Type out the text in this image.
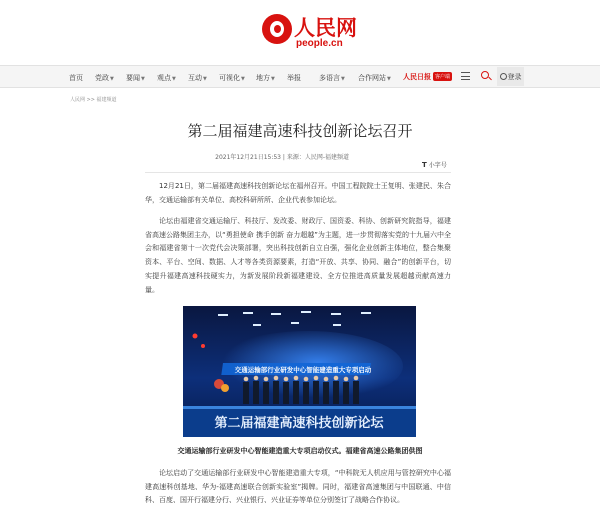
人民网
people.cn
首页 党政▼ 要闻▼ 观点▼ 互动▼ 可视化▼ 地方▼ 举报	多语言▼ 合作网站▼ 人民日报 客户端	登录
人民网 >> 福建频道
第二届福建高速科技创新论坛召开
2021年12月21日15:53 | 来源：人民网-福建频道
T 小字号

12月21日，第二届福建高速科技创新论坛在福州召开。中国工程院院士王复明、张建民、朱合华，交通运输部有关单位、高校科研所所、企业代表参加论坛。

论坛由福建省交通运输厅、科技厅、发改委、财政厅、国资委、科协、创新研究院指导，福建省高速公路集团主办，以“勇担使命 携手创新 奋力超越”为主题，进一步贯彻落实党的十九届六中全会和福建省第十一次党代会决策部署，突出科技创新自立自强，强化企业创新主体地位，整合集聚资本、平台、空间、数据、人才等各类资源要素，打造“开放、共享、协同、融合”的创新平台，切实提升福建高速科技硬实力，为新发展阶段新福建建设、全方位推进高质量发展超越贡献高速力量。

交通运输部行业研发中心智能建造重大专项启动
第二届福建高速科技创新论坛
交通运输部行业研发中心智能建造重大专项启动仪式。福建省高速公路集团供图

论坛启动了交通运输部行业研发中心智能建造重大专项，“中科院无人机应用与管控研究中心福建高速科创基地、华为-福建高速联合创新实验室”揭牌。同时，福建省高速集团与中国联通、中信科、百度、国开行福建分行、兴业银行、兴业证券等单位分别签订了战略合作协议。
